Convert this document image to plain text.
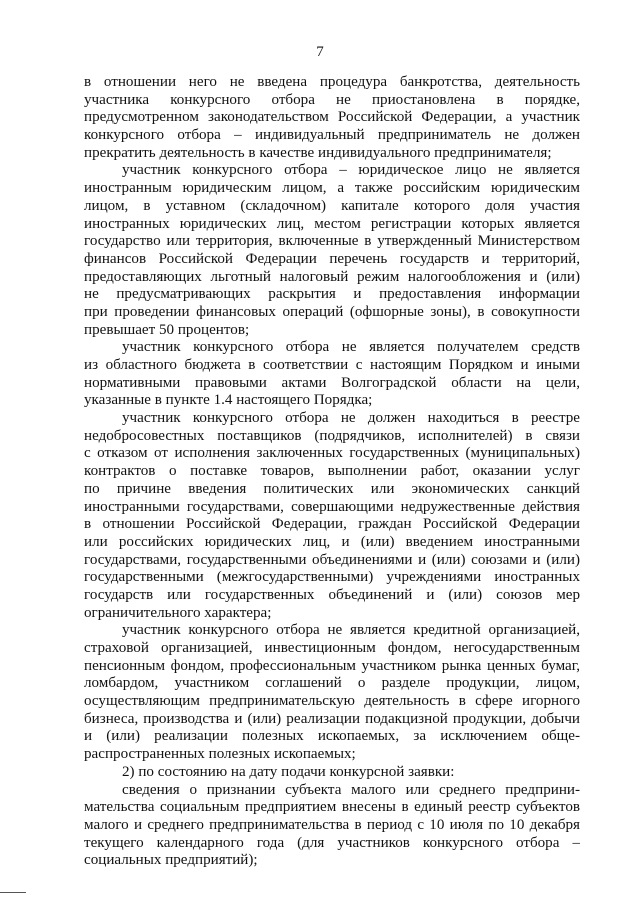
7
в отношении него не введена процедура банкротства, деятельность
участника конкурсного отбора не приостановлена в порядке,
предусмотренном законодательством Российской Федерации, а участник
конкурсного отбора – индивидуальный предприниматель не должен
прекратить деятельность в качестве индивидуального предпринимателя;
участник конкурсного отбора – юридическое лицо не является
иностранным юридическим лицом, а также российским юридическим
лицом, в уставном (складочном) капитале которого доля участия
иностранных юридических лиц, местом регистрации которых является
государство или территория, включенные в утвержденный Министерством
финансов Российской Федерации перечень государств и территорий,
предоставляющих льготный налоговый режим налогообложения и (или)
не предусматривающих раскрытия и предоставления информации
при проведении финансовых операций (офшорные зоны), в совокупности
превышает 50 процентов;
участник конкурсного отбора не является получателем средств
из областного бюджета в соответствии с настоящим Порядком и иными
нормативными правовыми актами Волгоградской области на цели,
указанные в пункте 1.4 настоящего Порядка;
участник конкурсного отбора не должен находиться в реестре
недобросовестных поставщиков (подрядчиков, исполнителей) в связи
с отказом от исполнения заключенных государственных (муниципальных)
контрактов о поставке товаров, выполнении работ, оказании услуг
по причине введения политических или экономических санкций
иностранными государствами, совершающими недружественные действия
в отношении Российской Федерации, граждан Российской Федерации
или российских юридических лиц, и (или) введением иностранными
государствами, государственными объединениями и (или) союзами и (или)
государственными (межгосударственными) учреждениями иностранных
государств или государственных объединений и (или) союзов мер
ограничительного характера;
участник конкурсного отбора не является кредитной организацией,
страховой организацией, инвестиционным фондом, негосударственным
пенсионным фондом, профессиональным участником рынка ценных бумаг,
ломбардом, участником соглашений о разделе продукции, лицом,
осуществляющим предпринимательскую деятельность в сфере игорного
бизнеса, производства и (или) реализации подакцизной продукции, добычи
и (или) реализации полезных ископаемых, за исключением обще-
распространенных полезных ископаемых;
2) по состоянию на дату подачи конкурсной заявки:
сведения о признании субъекта малого или среднего предприни-
мательства социальным предприятием внесены в единый реестр субъектов
малого и среднего предпринимательства в период с 10 июля по 10 декабря
текущего календарного года (для участников конкурсного отбора –
социальных предприятий);
